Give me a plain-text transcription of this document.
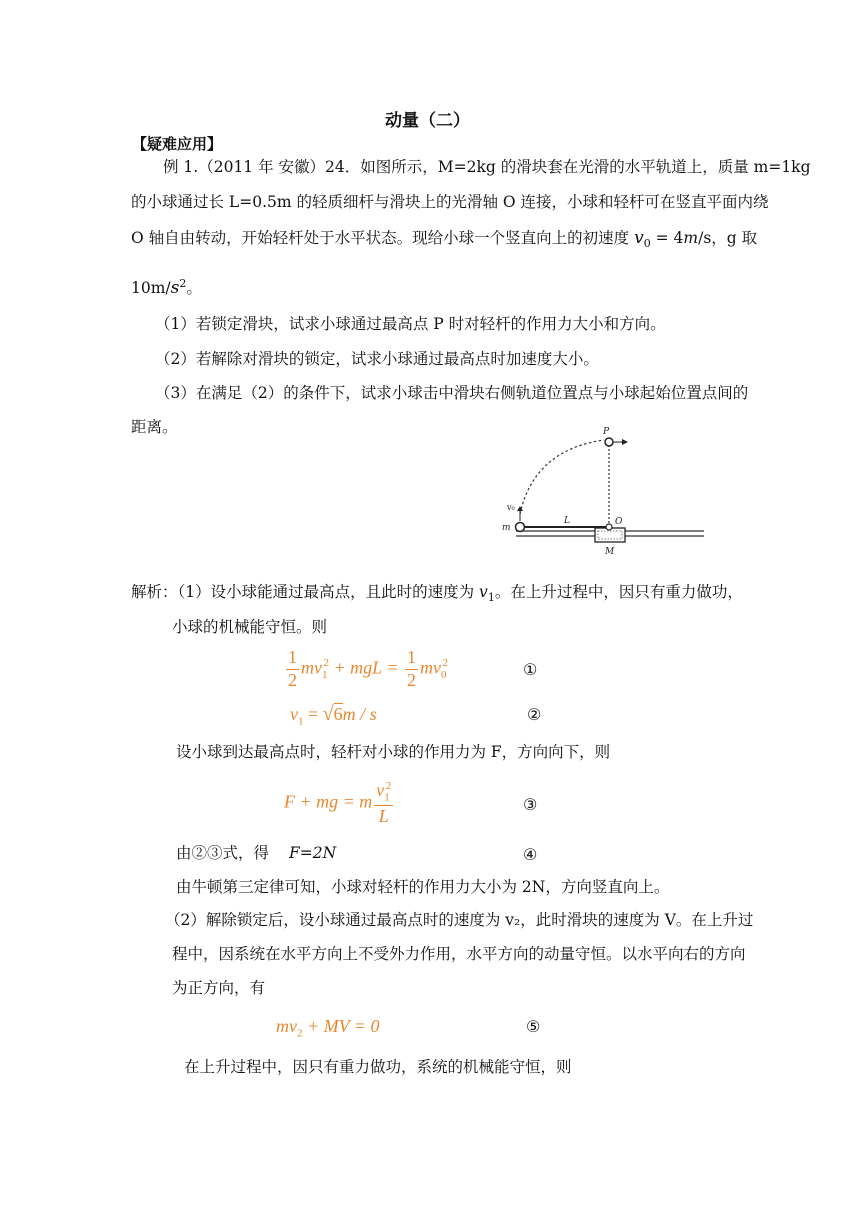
动量（二）
【疑难应用】
例 1.（2011 年 安徽）24．如图所示，M=2kg 的滑块套在光滑的水平轨道上，质量 m=1kg
的小球通过长 L=0.5m 的轻质细杆与滑块上的光滑轴 O 连接，小球和轻杆可在竖直平面内绕
O 轴自由转动，开始轻杆处于水平状态。现给小球一个竖直向上的初速度 $v_0 = 4m/s$，g 取
$10m/s^2$。
（1）若锁定滑块，试求小球通过最高点 P 时对轻杆的作用力大小和方向。
（2）若解除对滑块的锁定，试求小球通过最高点时加速度大小。
（3）在满足（2）的条件下，试求小球击中滑块右侧轨道位置点与小球起始位置点间的
距离。	P
v₀
m
L	O
M
解析：（1）设小球能通过最高点，且此时的速度为 $v_1$。在上升过程中，因只有重力做功，
小球的机械能守恒。则
$\frac{1}{2} mv_1^2$ + mgL = $\frac{1}{2} mv_0^2$	①
$v_1 = √6m / s$	②
设小球到达最高点时，轻杆对小球的作用力为 F，方向向下，则
F + mg = m $\frac{v_1^2}{L}$	③
由②③式，得 F=2N	④
由牛顿第三定律可知，小球对轻杆的作用力大小为 2N，方向竖直向上。
（2）解除锁定后，设小球通过最高点时的速度为 v₂，此时滑块的速度为 V。在上升过
程中，因系统在水平方向上不受外力作用，水平方向的动量守恒。以水平向右的方向
为正方向，有
$mv_2$ + MV = 0	⑤
在上升过程中，因只有重力做功，系统的机械能守恒，则
